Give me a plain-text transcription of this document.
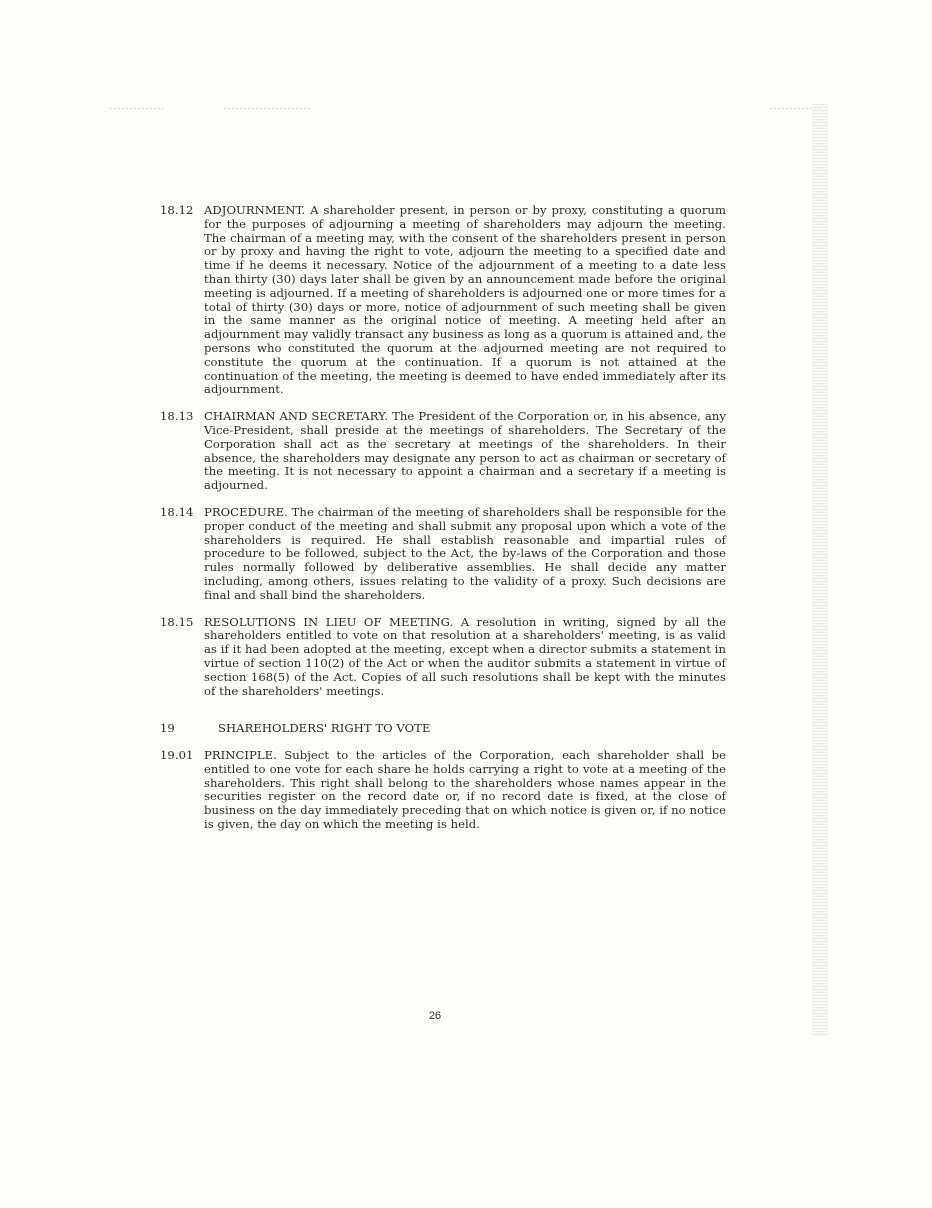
18.12 ADJOURNMENT. A shareholder present, in person or by proxy, constituting a quorum for the purposes of adjourning a meeting of shareholders may adjourn the meeting. The chairman of a meeting may, with the consent of the shareholders present in person or by proxy and having the right to vote, adjourn the meeting to a specified date and time if he deems it necessary. Notice of the adjournment of a meeting to a date less than thirty (30) days later shall be given by an announcement made before the original meeting is adjourned. If a meeting of shareholders is adjourned one or more times for a total of thirty (30) days or more, notice of adjournment of such meeting shall be given in the same manner as the original notice of meeting. A meeting held after an adjournment may validly transact any business as long as a quorum is attained and, the persons who constituted the quorum at the adjourned meeting are not required to constitute the quorum at the continuation. If a quorum is not attained at the continuation of the meeting, the meeting is deemed to have ended immediately after its adjournment.
18.13 CHAIRMAN AND SECRETARY. The President of the Corporation or, in his absence, any Vice-President, shall preside at the meetings of shareholders. The Secretary of the Corporation shall act as the secretary at meetings of the shareholders. In their absence, the shareholders may designate any person to act as chairman or secretary of the meeting. It is not necessary to appoint a chairman and a secretary if a meeting is adjourned.
18.14 PROCEDURE. The chairman of the meeting of shareholders shall be responsible for the proper conduct of the meeting and shall submit any proposal upon which a vote of the shareholders is required. He shall establish reasonable and impartial rules of procedure to be followed, subject to the Act, the by-laws of the Corporation and those rules normally followed by deliberative assemblies. He shall decide any matter including, among others, issues relating to the validity of a proxy. Such decisions are final and shall bind the shareholders.
18.15 RESOLUTIONS IN LIEU OF MEETING. A resolution in writing, signed by all the shareholders entitled to vote on that resolution at a shareholders' meeting, is as valid as if it had been adopted at the meeting, except when a director submits a statement in virtue of section 110(2) of the Act or when the auditor submits a statement in virtue of section 168(5) of the Act. Copies of all such resolutions shall be kept with the minutes of the shareholders' meetings.
19	SHAREHOLDERS' RIGHT TO VOTE
19.01 PRINCIPLE. Subject to the articles of the Corporation, each shareholder shall be entitled to one vote for each share he holds carrying a right to vote at a meeting of the shareholders. This right shall belong to the shareholders whose names appear in the securities register on the record date or, if no record date is fixed, at the close of business on the day immediately preceding that on which notice is given or, if no notice is given, the day on which the meeting is held.
26
